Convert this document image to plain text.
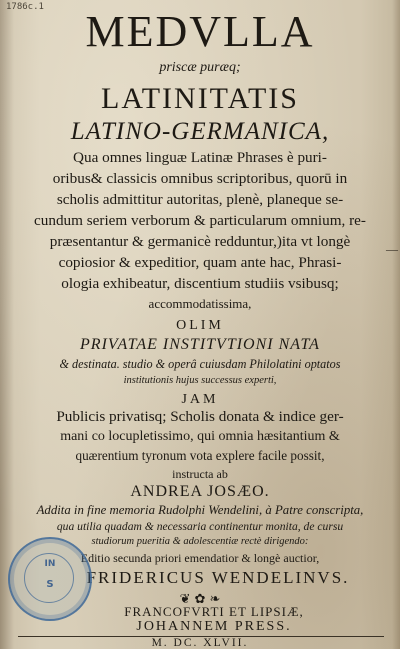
1786c.1 MEDVLLA
priscæ puræq;
LATINITATIS
LATINO-GERMANICA,
Qua omnes linguæ Latinæ Phrases è puri-
oribus& classicis omnibus scriptoribus, quorū in
scholis admittitur autoritas, plenè, planeque se-
cundum seriem verborum & particularum omnium, re-
præsentantur & germanicè redduntur,)ita vt longè
copiosior & expeditior, quam ante hac, Phrasi-
ologia exhibeatur, discentium studiis vsibusq;
accommodatissima,
OLIM
PRIVATAE INSTITVTIONI NATA
& destinata. studio & operâ cuiusdam Philolatini optatos
institutionis hujus successus experti,
JAM
Publicis privatisq; Scholis donata & indice ger-
mani co locupletissimo, qui omnia hæsitantium &
quærentium tyronum vota explere facile possit,
instructa ab
ANDREA JOSÆO.
Addita in fine memoria Rudolphi Wendelini, à Patre conscripta,
qua utilia quadam & necessaria continentur monita, de cursu
studiorum pueritia & adolescentiæ rectè dirigendo:
Editio secunda priori emendatior & longè auctior,
FRIDERICUS WENDELINVS.
❦ ✿ ❧
FRANCOFVRTI ET LIPSIÆ,
JOHANNEM PRESS.
M. DC. XLVII.
—
IN
S
